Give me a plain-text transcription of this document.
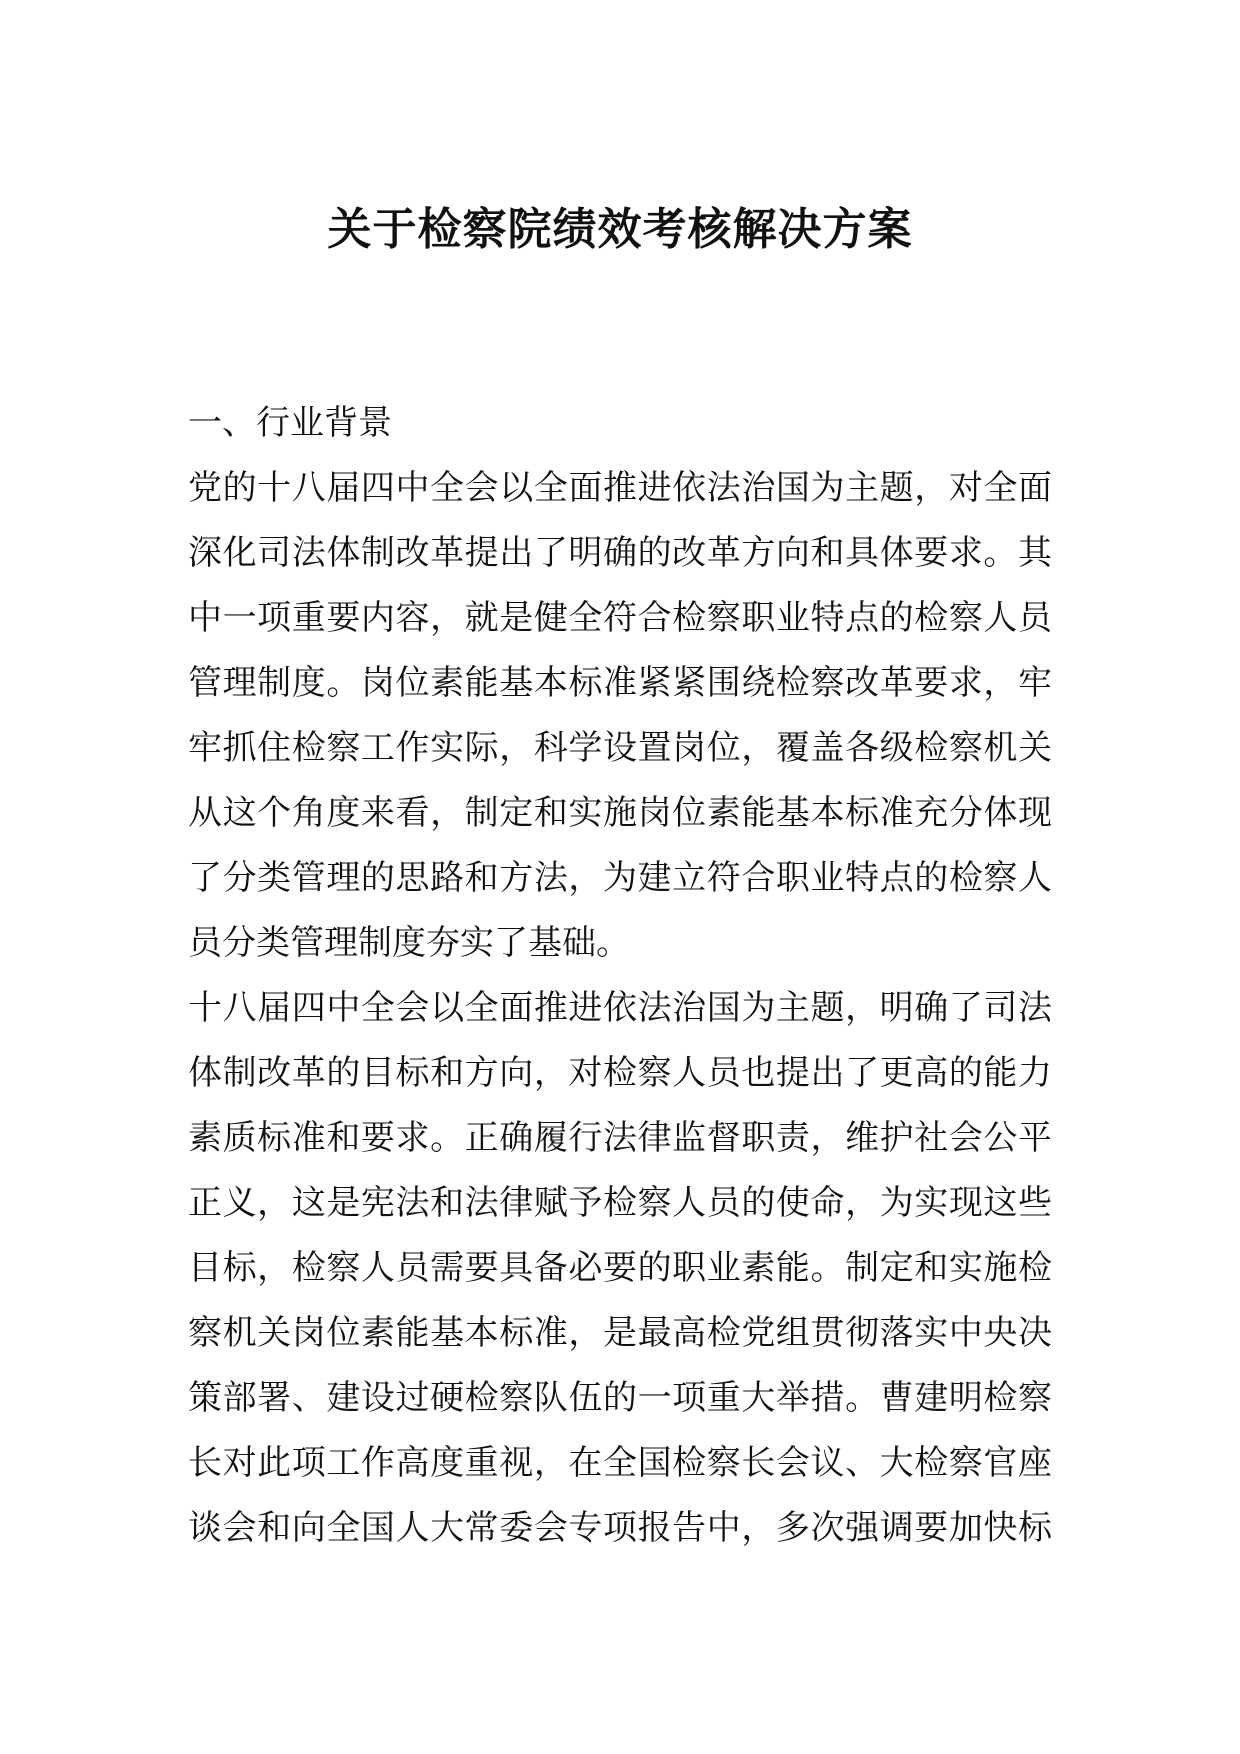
关于检察院绩效考核解决方案
一、行业背景
党的十八届四中全会以全面推进依法治国为主题，对全面
深化司法体制改革提出了明确的改革方向和具体要求。其
中一项重要内容，就是健全符合检察职业特点的检察人员
管理制度。岗位素能基本标准紧紧围绕检察改革要求，牢
牢抓住检察工作实际，科学设置岗位，覆盖各级检察机关
从这个角度来看，制定和实施岗位素能基本标准充分体现
了分类管理的思路和方法，为建立符合职业特点的检察人
员分类管理制度夯实了基础。
十八届四中全会以全面推进依法治国为主题，明确了司法
体制改革的目标和方向，对检察人员也提出了更高的能力
素质标准和要求。正确履行法律监督职责，维护社会公平
正义，这是宪法和法律赋予检察人员的使命，为实现这些
目标，检察人员需要具备必要的职业素能。制定和实施检
察机关岗位素能基本标准，是最高检党组贯彻落实中央决
策部署、建设过硬检察队伍的一项重大举措。曹建明检察
长对此项工作高度重视，在全国检察长会议、大检察官座
谈会和向全国人大常委会专项报告中，多次强调要加快标
